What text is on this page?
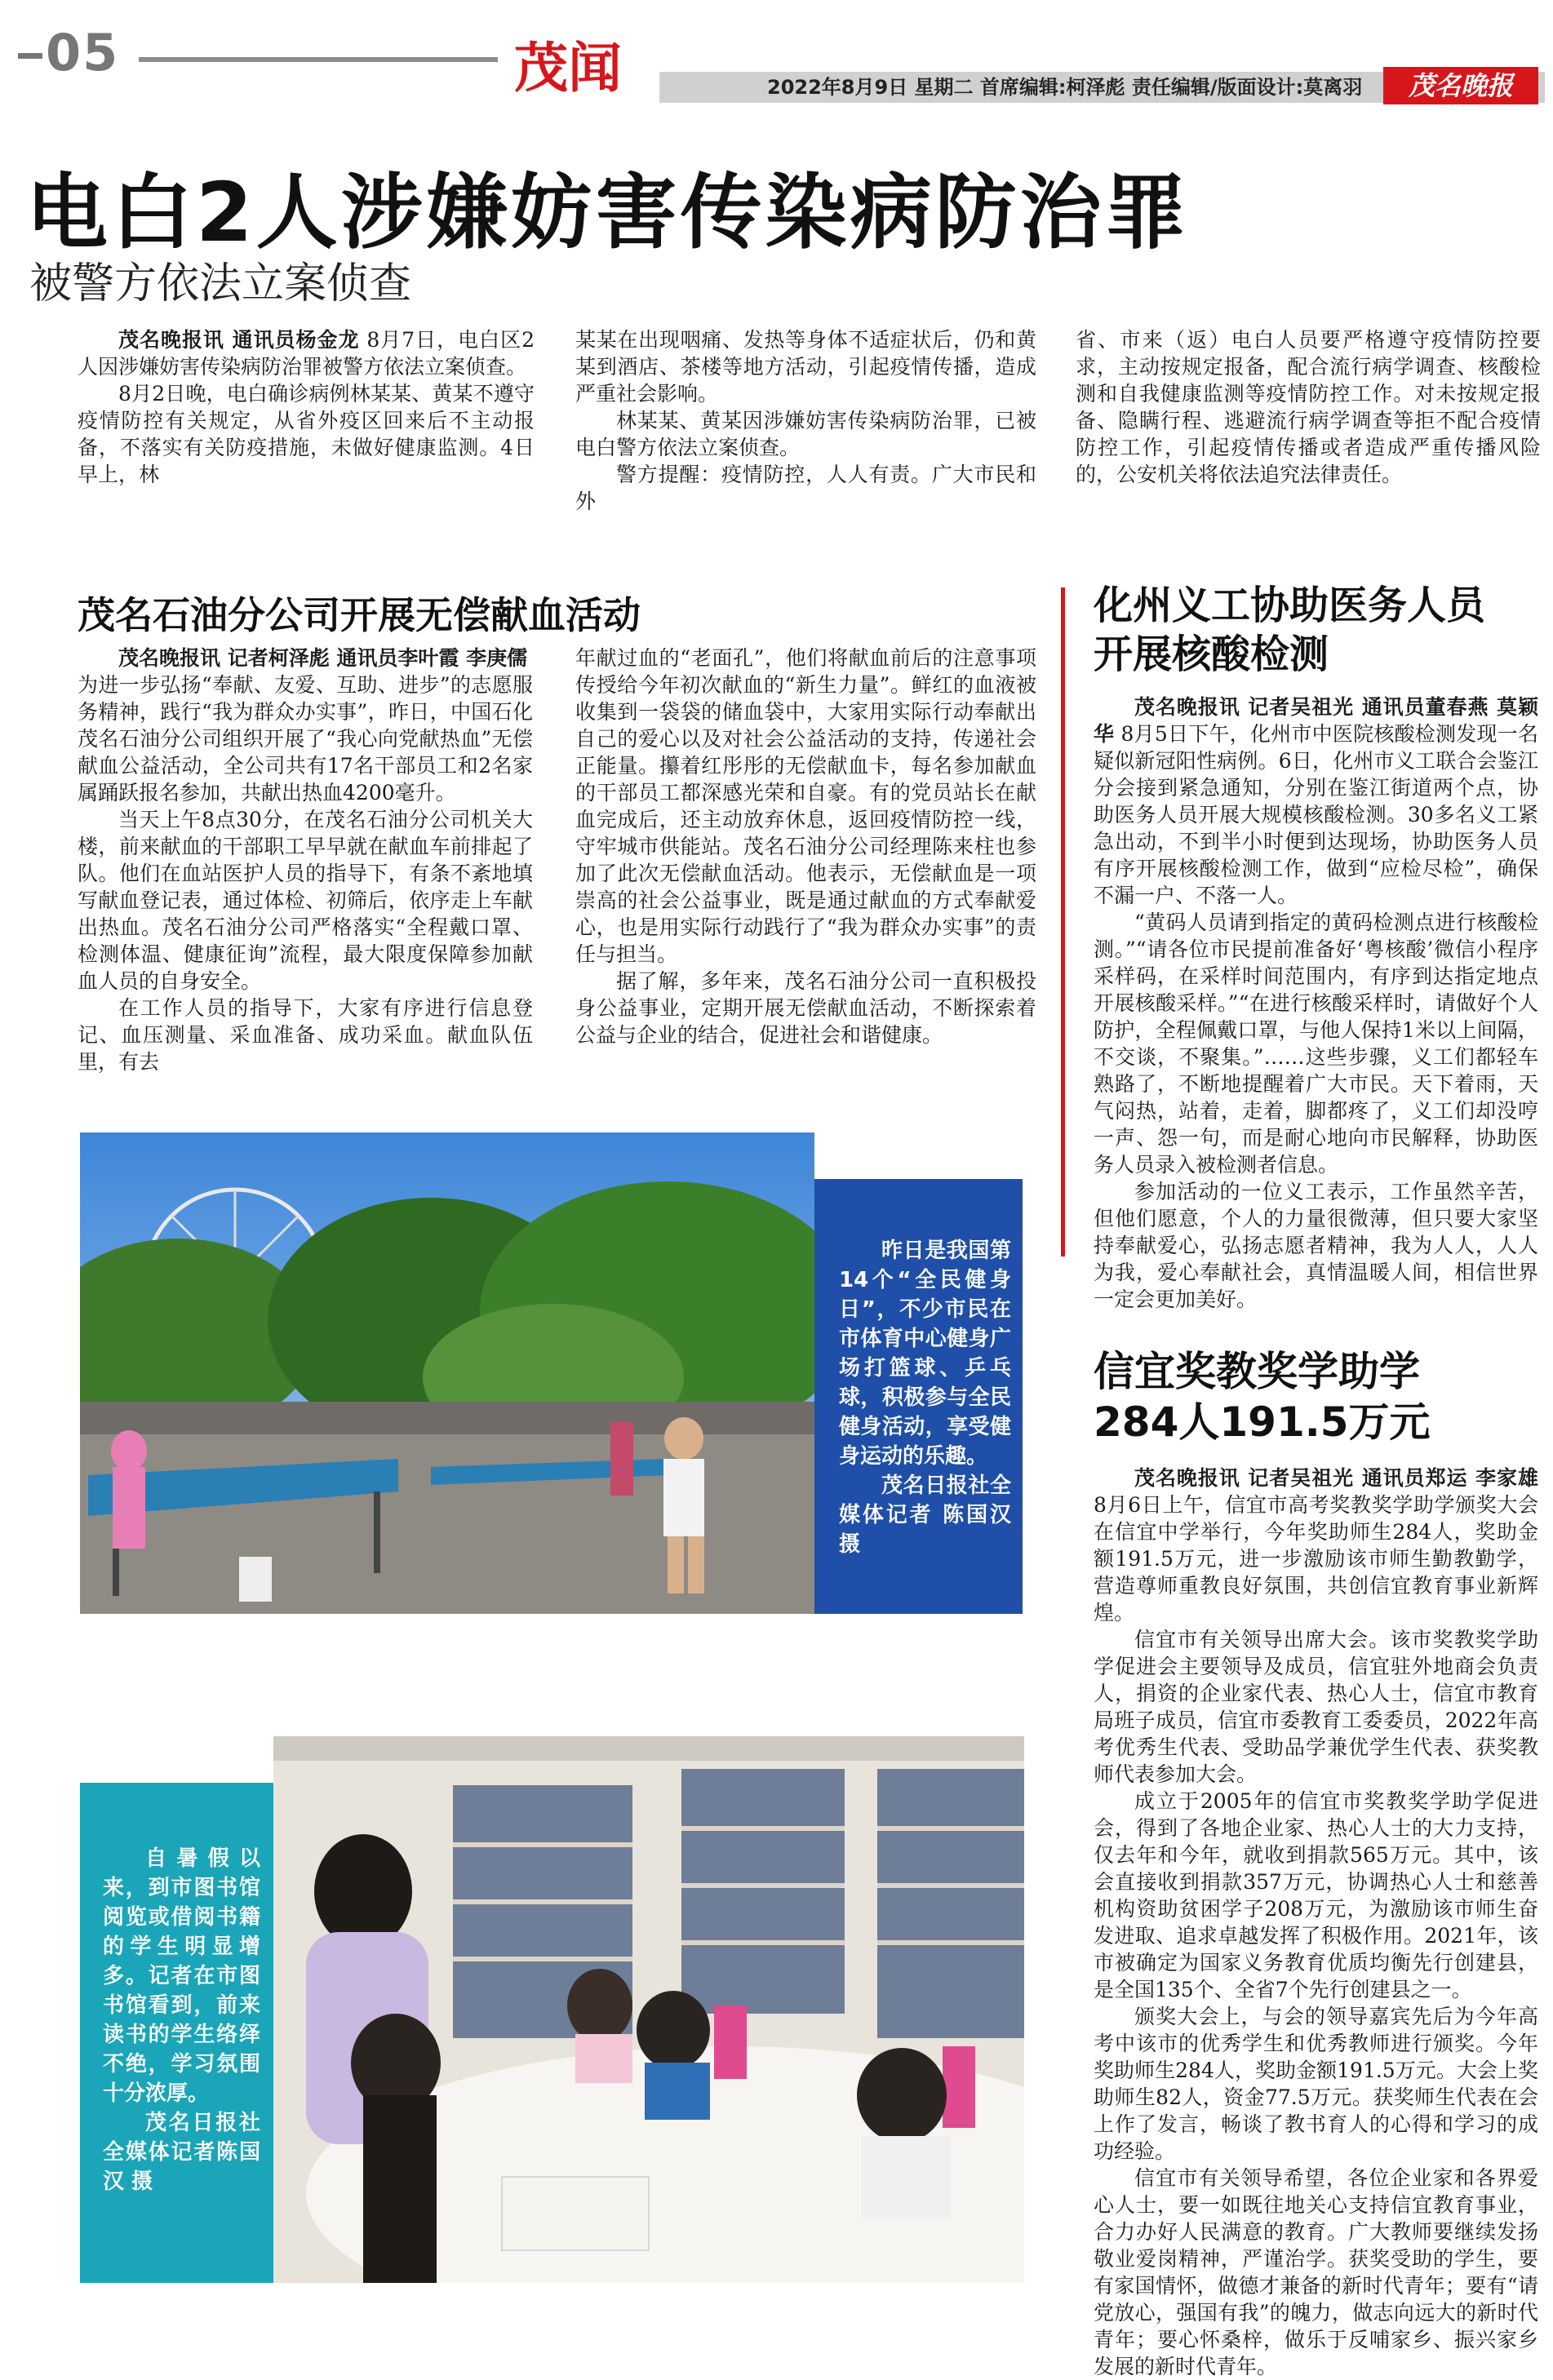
05	茂闻	2022年8月9日 星期二 首席编辑:柯泽彪 责任编辑/版面设计:莫离羽	茂名晚报
电白2人涉嫌妨害传染病防治罪
被警方依法立案侦查

茂名晚报讯 通讯员杨金龙 8月7日，电白区2人因涉嫌妨害传染病防治罪被警方依法立案侦查。

8月2日晚，电白确诊病例林某某、黄某不遵守疫情防控有关规定，从省外疫区回来后不主动报备，不落实有关防疫措施，未做好健康监测。4日早上，林

某某在出现咽痛、发热等身体不适症状后，仍和黄某到酒店、茶楼等地方活动，引起疫情传播，造成严重社会影响。

林某某、黄某因涉嫌妨害传染病防治罪，已被电白警方依法立案侦查。

警方提醒：疫情防控，人人有责。广大市民和外

省、市来（返）电白人员要严格遵守疫情防控要求，主动按规定报备，配合流行病学调查、核酸检测和自我健康监测等疫情防控工作。对未按规定报备、隐瞒行程、逃避流行病学调查等拒不配合疫情防控工作，引起疫情传播或者造成严重传播风险的，公安机关将依法追究法律责任。

茂名石油分公司开展无偿献血活动

茂名晚报讯 记者柯泽彪 通讯员李叶霞 李庚儒

为进一步弘扬“奉献、友爱、互助、进步”的志愿服务精神，践行“我为群众办实事”，昨日，中国石化茂名石油分公司组织开展了“我心向党献热血”无偿献血公益活动，全公司共有17名干部员工和2名家属踊跃报名参加，共献出热血4200毫升。

当天上午8点30分，在茂名石油分公司机关大楼，前来献血的干部职工早早就在献血车前排起了队。他们在血站医护人员的指导下，有条不紊地填写献血登记表，通过体检、初筛后，依序走上车献出热血。茂名石油分公司严格落实“全程戴口罩、检测体温、健康征询”流程，最大限度保障参加献血人员的自身安全。

在工作人员的指导下，大家有序进行信息登记、血压测量、采血准备、成功采血。献血队伍里，有去

年献过血的“老面孔”，他们将献血前后的注意事项传授给今年初次献血的“新生力量”。鲜红的血液被收集到一袋袋的储血袋中，大家用实际行动奉献出自己的爱心以及对社会公益活动的支持，传递社会正能量。攥着红彤彤的无偿献血卡，每名参加献血的干部员工都深感光荣和自豪。有的党员站长在献血完成后，还主动放弃休息，返回疫情防控一线，守牢城市供能站。茂名石油分公司经理陈来柱也参加了此次无偿献血活动。他表示，无偿献血是一项崇高的社会公益事业，既是通过献血的方式奉献爱心，也是用实际行动践行了“我为群众办实事”的责任与担当。

据了解，多年来，茂名石油分公司一直积极投身公益事业，定期开展无偿献血活动，不断探索着公益与企业的结合，促进社会和谐健康。

化州义工协助医务人员
开展核酸检测

茂名晚报讯 记者吴祖光 通讯员董春燕 莫颖华 8月5日下午，化州市中医院核酸检测发现一名疑似新冠阳性病例。6日，化州市义工联合会鉴江分会接到紧急通知，分别在鉴江街道两个点，协助医务人员开展大规模核酸检测。30多名义工紧急出动，不到半小时便到达现场，协助医务人员有序开展核酸检测工作，做到“应检尽检”，确保不漏一户、不落一人。

“黄码人员请到指定的黄码检测点进行核酸检测。”“请各位市民提前准备好‘粤核酸’微信小程序采样码，在采样时间范围内，有序到达指定地点开展核酸采样。”“在进行核酸采样时，请做好个人防护，全程佩戴口罩，与他人保持1米以上间隔，不交谈，不聚集。”……这些步骤，义工们都轻车熟路了，不断地提醒着广大市民。天下着雨，天气闷热，站着，走着，脚都疼了，义工们却没哼一声、怨一句，而是耐心地向市民解释，协助医务人员录入被检测者信息。

参加活动的一位义工表示，工作虽然辛苦，但他们愿意，个人的力量很微薄，但只要大家坚持奉献爱心，弘扬志愿者精神，我为人人，人人为我，爱心奉献社会，真情温暖人间，相信世界一定会更加美好。

信宜奖教奖学助学
284人191.5万元

茂名晚报讯 记者吴祖光 通讯员郑运 李家雄 8月6日上午，信宜市高考奖教奖学助学颁奖大会在信宜中学举行，今年奖助师生284人，奖助金额191.5万元，进一步激励该市师生勤教勤学，营造尊师重教良好氛围，共创信宜教育事业新辉煌。

信宜市有关领导出席大会。该市奖教奖学助学促进会主要领导及成员，信宜驻外地商会负责人，捐资的企业家代表、热心人士，信宜市教育局班子成员，信宜市委教育工委委员，2022年高考优秀生代表、受助品学兼优学生代表、获奖教师代表参加大会。

成立于2005年的信宜市奖教奖学助学促进会，得到了各地企业家、热心人士的大力支持，仅去年和今年，就收到捐款565万元。其中，该会直接收到捐款357万元，协调热心人士和慈善机构资助贫困学子208万元，为激励该市师生奋发进取、追求卓越发挥了积极作用。2021年，该市被确定为国家义务教育优质均衡先行创建县，是全国135个、全省7个先行创建县之一。

颁奖大会上，与会的领导嘉宾先后为今年高考中该市的优秀学生和优秀教师进行颁奖。今年奖助师生284人，奖助金额191.5万元。大会上奖助师生82人，资金77.5万元。获奖师生代表在会上作了发言，畅谈了教书育人的心得和学习的成功经验。

信宜市有关领导希望，各位企业家和各界爱心人士，要一如既往地关心支持信宜教育事业，合力办好人民满意的教育。广大教师要继续发扬敬业爱岗精神，严谨治学。获奖受助的学生，要有家国情怀，做德才兼备的新时代青年；要有“请党放心，强国有我”的魄力，做志向远大的新时代青年；要心怀桑梓，做乐于反哺家乡、振兴家乡发展的新时代青年。

昨日是我国第14个“全民健身日”，不少市民在市体育中心健身广场打篮球、乒乓球，积极参与全民健身活动，享受健身运动的乐趣。

茂名日报社全媒体记者 陈国汉 摄

自暑假以来，到市图书馆阅览或借阅书籍的学生明显增多。记者在市图书馆看到，前来读书的学生络绎不绝，学习氛围十分浓厚。

茂名日报社全媒体记者陈国汉 摄
